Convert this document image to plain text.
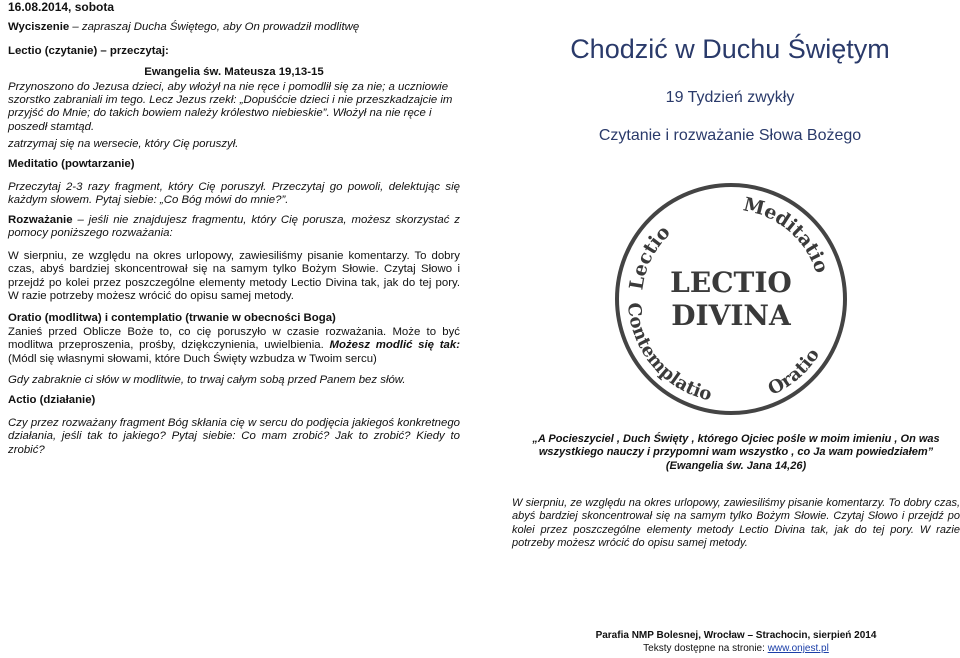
16.08.2014, sobota

Wyciszenie – zapraszaj Ducha Świętego, aby On prowadził modlitwę

Lectio (czytanie) – przeczytaj:

Ewangelia św. Mateusza 19,13-15

Przynoszono do Jezusa dzieci, aby włożył na nie ręce i pomodlił się za nie; a uczniowie szorstko zabraniali im tego. Lecz Jezus rzekł: „Dopuśćcie dzieci i nie przeszkadzajcie im przyjść do Mnie; do takich bowiem należy królestwo niebieskie”. Włożył na nie ręce i poszedł stamtąd.

zatrzymaj się na wersecie, który Cię poruszył.

Meditatio (powtarzanie)

Przeczytaj 2-3 razy fragment, który Cię poruszył. Przeczytaj go powoli, delektując się każdym słowem. Pytaj siebie: „Co Bóg mówi do mnie?”.

Rozważanie – jeśli nie znajdujesz fragmentu, który Cię porusza, możesz skorzystać z pomocy poniższego rozważania:

W sierpniu, ze względu na okres urlopowy, zawiesiliśmy pisanie komentarzy. To dobry czas, abyś bardziej skoncentrował się na samym tylko Bożym Słowie. Czytaj Słowo i przejdź po kolei przez poszczególne elementy metody Lectio Divina tak, jak do tej pory. W razie potrzeby możesz wrócić do opisu samej metody.

Oratio (modlitwa) i contemplatio (trwanie w obecności Boga)

Zanieś przed Oblicze Boże to, co cię poruszyło w czasie rozważania. Może to być modlitwa przeproszenia, prośby, dziękczynienia, uwielbienia. Możesz modlić się tak: (Módl się własnymi słowami, które Duch Święty wzbudza w Twoim sercu)

Gdy zabraknie ci słów w modlitwie, to trwaj całym sobą przed Panem bez słów.

Actio (działanie)

Czy przez rozważany fragment Bóg skłania cię w sercu do podjęcia jakiegoś konkretnego działania, jeśli tak to jakiego? Pytaj siebie: Co mam zrobić? Jak to zrobić? Kiedy to zrobić?

Chodzić w Duchu Świętym
19 Tydzień zwykły
Czytanie i rozważanie Słowa Bożego
Lectio
Meditatio
Contemplatio	Oratio
LECTIO
DIVINA
„A Pocieszyciel , Duch Święty , którego Ojciec pośle w moim imieniu , On was wszystkiego nauczy i przypomni wam wszystko , co Ja wam powiedziałem”
(Ewangelia św. Jana 14,26)
W sierpniu, ze względu na okres urlopowy, zawiesiliśmy pisanie komentarzy. To dobry czas, abyś bardziej skoncentrował się na samym tylko Bożym Słowie. Czytaj Słowo i przejdź po kolei przez poszczególne elementy metody Lectio Divina tak, jak do tej pory. W razie potrzeby możesz wrócić do opisu samej metody.
Parafia NMP Bolesnej, Wrocław – Strachocin, sierpień 2014
Teksty dostępne na stronie: www.onjest.pl
